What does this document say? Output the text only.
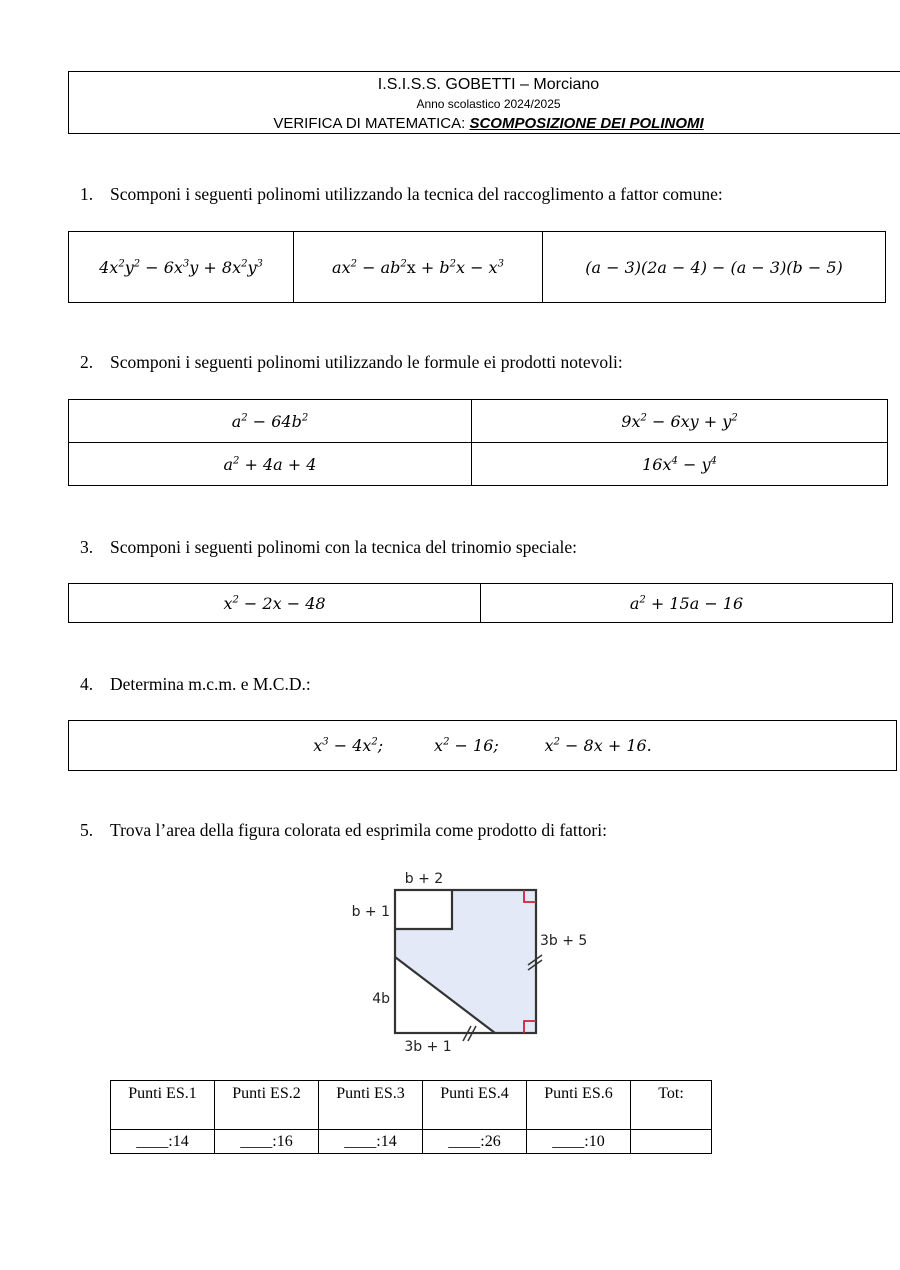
I.S.I.S.S. GOBETTI – Morciano
Anno scolastico 2024/2025
VERIFICA DI MATEMATICA: SCOMPOSIZIONE DEI POLINOMI
1. Scomponi i seguenti polinomi utilizzando la tecnica del raccoglimento a fattor comune:
$4x^2y^2 - 6x^3y + 8x^2y^3$	$ax^2 - ab^2x + b^2x - x^3$	(a − 3)(2a − 4) − (a − 3)(b − 5)
2. Scomponi i seguenti polinomi utilizzando le formule ei prodotti notevoli:
$a^2 - 64b^2$	$9x^2 - 6xy + y^2$
$a^2 + 4a + 4$	$16x^4 - y^4$
3. Scomponi i seguenti polinomi con la tecnica del trinomio speciale:
$x^2 - 2x - 48$	$a^2 + 15a - 16$
4. Determina m.c.m. e M.C.D.:
$x^3 - 4x^2$;          $x^2 - 16$;         $x^2 - 8x + 16$.
5. Trova l’area della figura colorata ed esprimila come prodotto di fattori:
b + 2
b + 1
3b + 5
4b
3b + 1
Punti ES.1	Punti ES.2	Punti ES.3	Punti ES.4	Punti ES.6	Tot:
____:14	____:16	____:14	____:26	____:10	
